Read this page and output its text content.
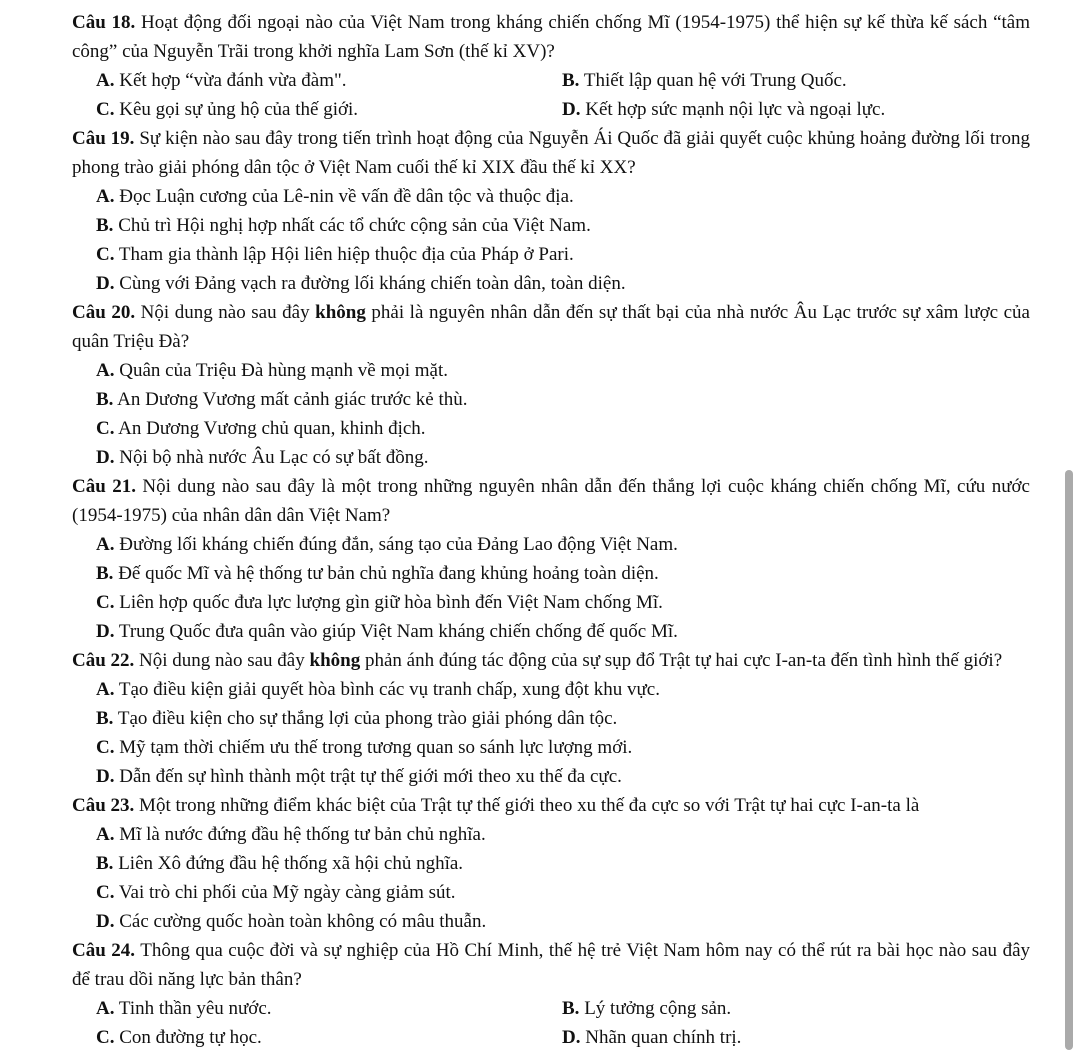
Câu 18. Hoạt động đối ngoại nào của Việt Nam trong kháng chiến chống Mĩ (1954-1975) thể hiện sự kế thừa kế sách “tâm công” của Nguyễn Trãi trong khởi nghĩa Lam Sơn (thế kỉ XV)?

A. Kết hợp “vừa đánh vừa đàm".	B. Thiết lập quan hệ với Trung Quốc.

C. Kêu gọi sự ủng hộ của thế giới.	D. Kết hợp sức mạnh nội lực và ngoại lực.

Câu 19. Sự kiện nào sau đây trong tiến trình hoạt động của Nguyễn Ái Quốc đã giải quyết cuộc khủng hoảng đường lối trong phong trào giải phóng dân tộc ở Việt Nam cuối thế kỉ XIX đầu thế kỉ XX?

A. Đọc Luận cương của Lê-nin về vấn đề dân tộc và thuộc địa.

B. Chủ trì Hội nghị hợp nhất các tổ chức cộng sản của Việt Nam.

C. Tham gia thành lập Hội liên hiệp thuộc địa của Pháp ở Pari.

D. Cùng với Đảng vạch ra đường lối kháng chiến toàn dân, toàn diện.

Câu 20. Nội dung nào sau đây không phải là nguyên nhân dẫn đến sự thất bại của nhà nước Âu Lạc trước sự xâm lược của quân Triệu Đà?

A. Quân của Triệu Đà hùng mạnh về mọi mặt.

B. An Dương Vương mất cảnh giác trước kẻ thù.

C. An Dương Vương chủ quan, khinh địch.

D. Nội bộ nhà nước Âu Lạc có sự bất đồng.

Câu 21. Nội dung nào sau đây là một trong những nguyên nhân dẫn đến thắng lợi cuộc kháng chiến chống Mĩ, cứu nước (1954-1975) của nhân dân dân Việt Nam?

A. Đường lối kháng chiến đúng đắn, sáng tạo của Đảng Lao động Việt Nam.

B. Đế quốc Mĩ và hệ thống tư bản chủ nghĩa đang khủng hoảng toàn diện.

C. Liên hợp quốc đưa lực lượng gìn giữ hòa bình đến Việt Nam chống Mĩ.

D. Trung Quốc đưa quân vào giúp Việt Nam kháng chiến chống đế quốc Mĩ.

Câu 22. Nội dung nào sau đây không phản ánh đúng tác động của sự sụp đổ Trật tự hai cực I-an-ta đến tình hình thế giới?

A. Tạo điều kiện giải quyết hòa bình các vụ tranh chấp, xung đột khu vực.

B. Tạo điều kiện cho sự thắng lợi của phong trào giải phóng dân tộc.

C. Mỹ tạm thời chiếm ưu thế trong tương quan so sánh lực lượng mới.

D. Dẫn đến sự hình thành một trật tự thế giới mới theo xu thế đa cực.

Câu 23. Một trong những điểm khác biệt của Trật tự thế giới theo xu thế đa cực so với Trật tự hai cực I-an-ta là

A. Mĩ là nước đứng đầu hệ thống tư bản chủ nghĩa.

B. Liên Xô đứng đầu hệ thống xã hội chủ nghĩa.

C. Vai trò chi phối của Mỹ ngày càng giảm sút.

D. Các cường quốc hoàn toàn không có mâu thuẫn.

Câu 24. Thông qua cuộc đời và sự nghiệp của Hồ Chí Minh, thế hệ trẻ Việt Nam hôm nay có thể rút ra bài học nào sau đây để trau dồi năng lực bản thân?

A. Tinh thần yêu nước.	B. Lý tưởng cộng sản.

C. Con đường tự học.	D. Nhãn quan chính trị.
